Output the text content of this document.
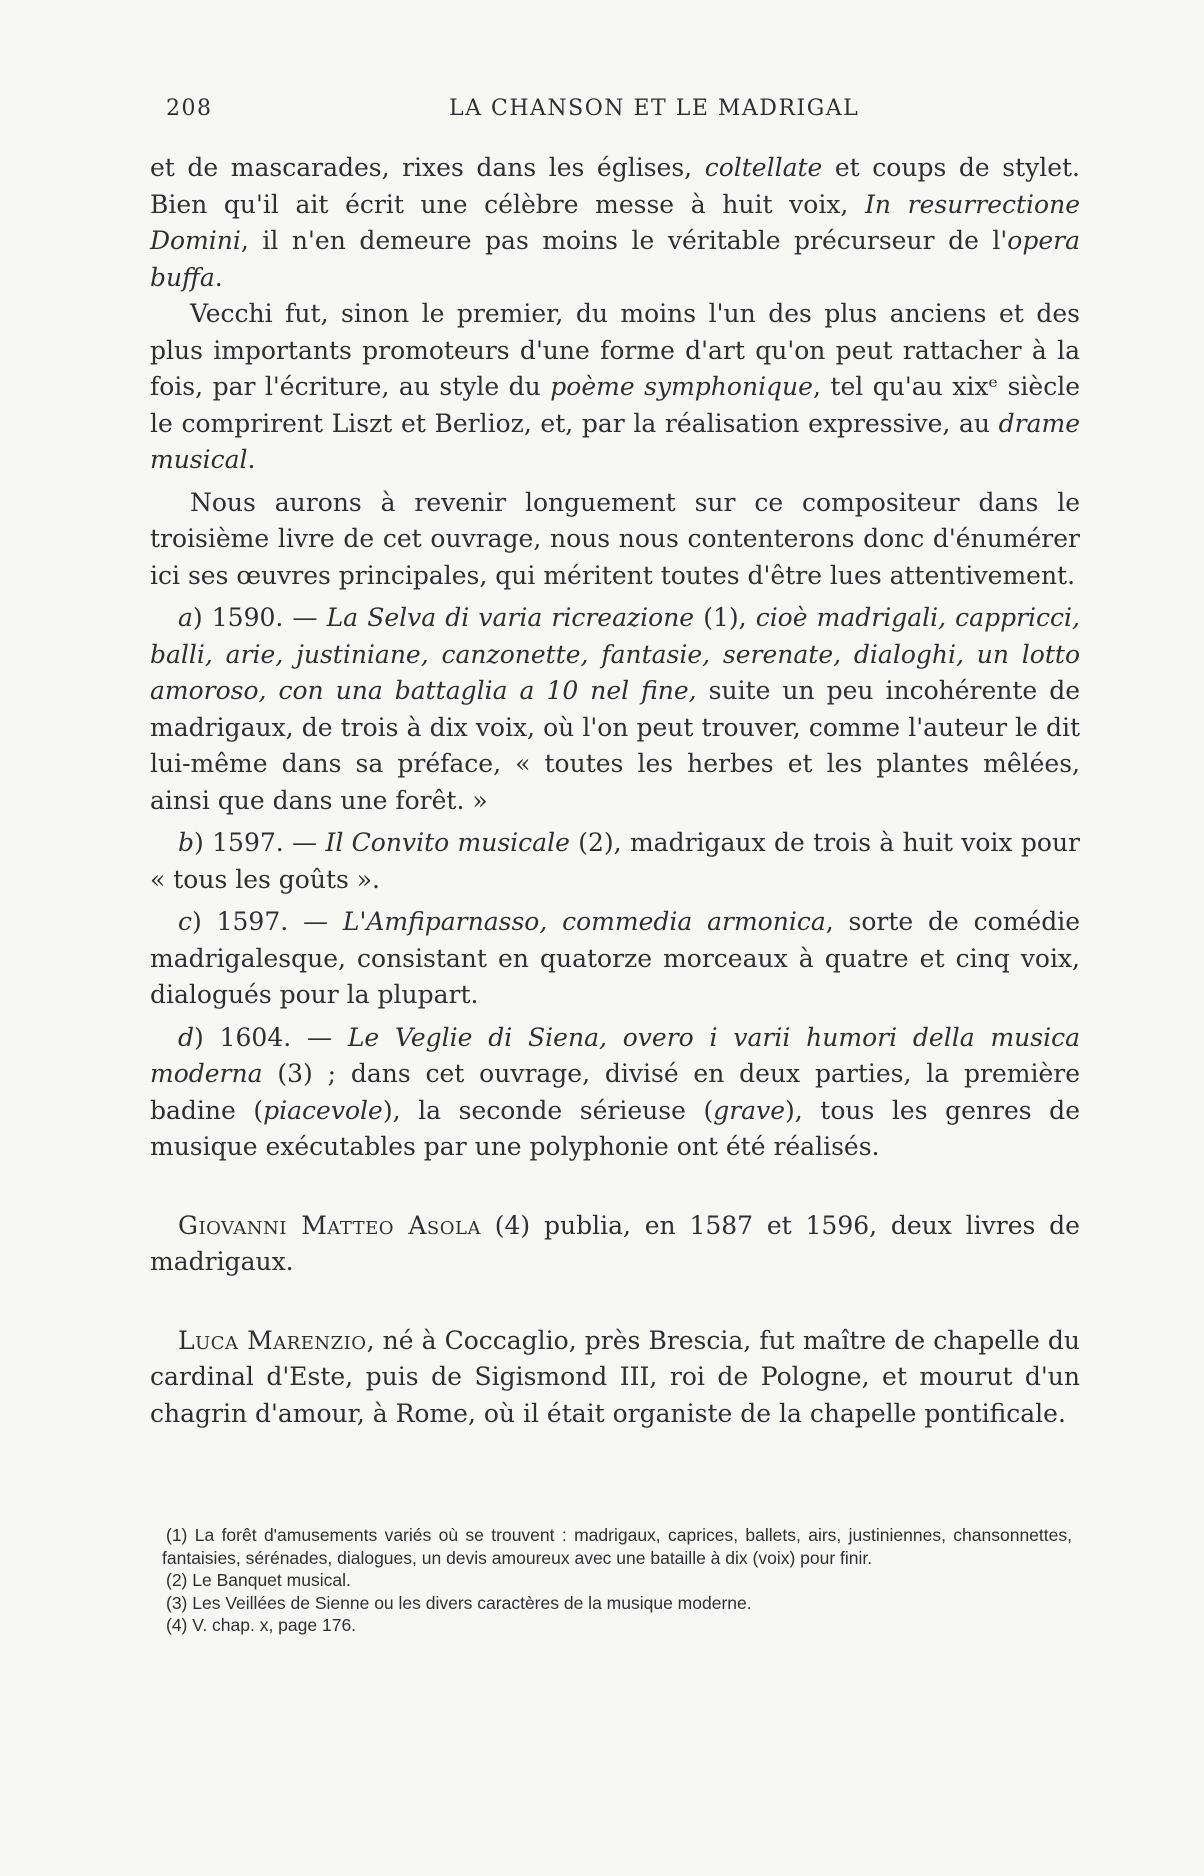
208	LA CHANSON ET LE MADRIGAL

et de mascarades, rixes dans les églises, coltellate et coups de stylet. Bien qu'il ait écrit une célèbre messe à huit voix, In resurrectione Domini, il n'en demeure pas moins le véritable précurseur de l'opera buffa.

Vecchi fut, sinon le premier, du moins l'un des plus anciens et des plus importants promoteurs d'une forme d'art qu'on peut rattacher à la fois, par l'écriture, au style du poème symphonique, tel qu'au xixᵉ siècle le comprirent Liszt et Berlioz, et, par la réalisation expressive, au drame musical.

Nous aurons à revenir longuement sur ce compositeur dans le troisième livre de cet ouvrage, nous nous contenterons donc d'énumérer ici ses œuvres principales, qui méritent toutes d'être lues attentivement.

a) 1590. — La Selva di varia ricreazione (1), cioè madrigali, cappricci, balli, arie, justiniane, canzonette, fantasie, serenate, dialoghi, un lotto amoroso, con una battaglia a 10 nel fine, suite un peu incohérente de madrigaux, de trois à dix voix, où l'on peut trouver, comme l'auteur le dit lui-même dans sa préface, « toutes les herbes et les plantes mêlées, ainsi que dans une forêt. »

b) 1597. — Il Convito musicale (2), madrigaux de trois à huit voix pour « tous les goûts ».

c) 1597. — L'Amfiparnasso, commedia armonica, sorte de comédie madrigalesque, consistant en quatorze morceaux à quatre et cinq voix, dialogués pour la plupart.

d) 1604. — Le Veglie di Siena, overo i varii humori della musica moderna (3) ; dans cet ouvrage, divisé en deux parties, la première badine (piacevole), la seconde sérieuse (grave), tous les genres de musique exécutables par une polyphonie ont été réalisés.

Giovanni Matteo Asola (4) publia, en 1587 et 1596, deux livres de madrigaux.

Luca Marenzio, né à Coccaglio, près Brescia, fut maître de chapelle du cardinal d'Este, puis de Sigismond III, roi de Pologne, et mourut d'un chagrin d'amour, à Rome, où il était organiste de la chapelle pontificale.

(1) La forêt d'amusements variés où se trouvent : madrigaux, caprices, ballets, airs, justiniennes, chansonnettes, fantaisies, sérénades, dialogues, un devis amoureux avec une bataille à dix (voix) pour finir.

(2) Le Banquet musical.

(3) Les Veillées de Sienne ou les divers caractères de la musique moderne.

(4) V. chap. x, page 176.
